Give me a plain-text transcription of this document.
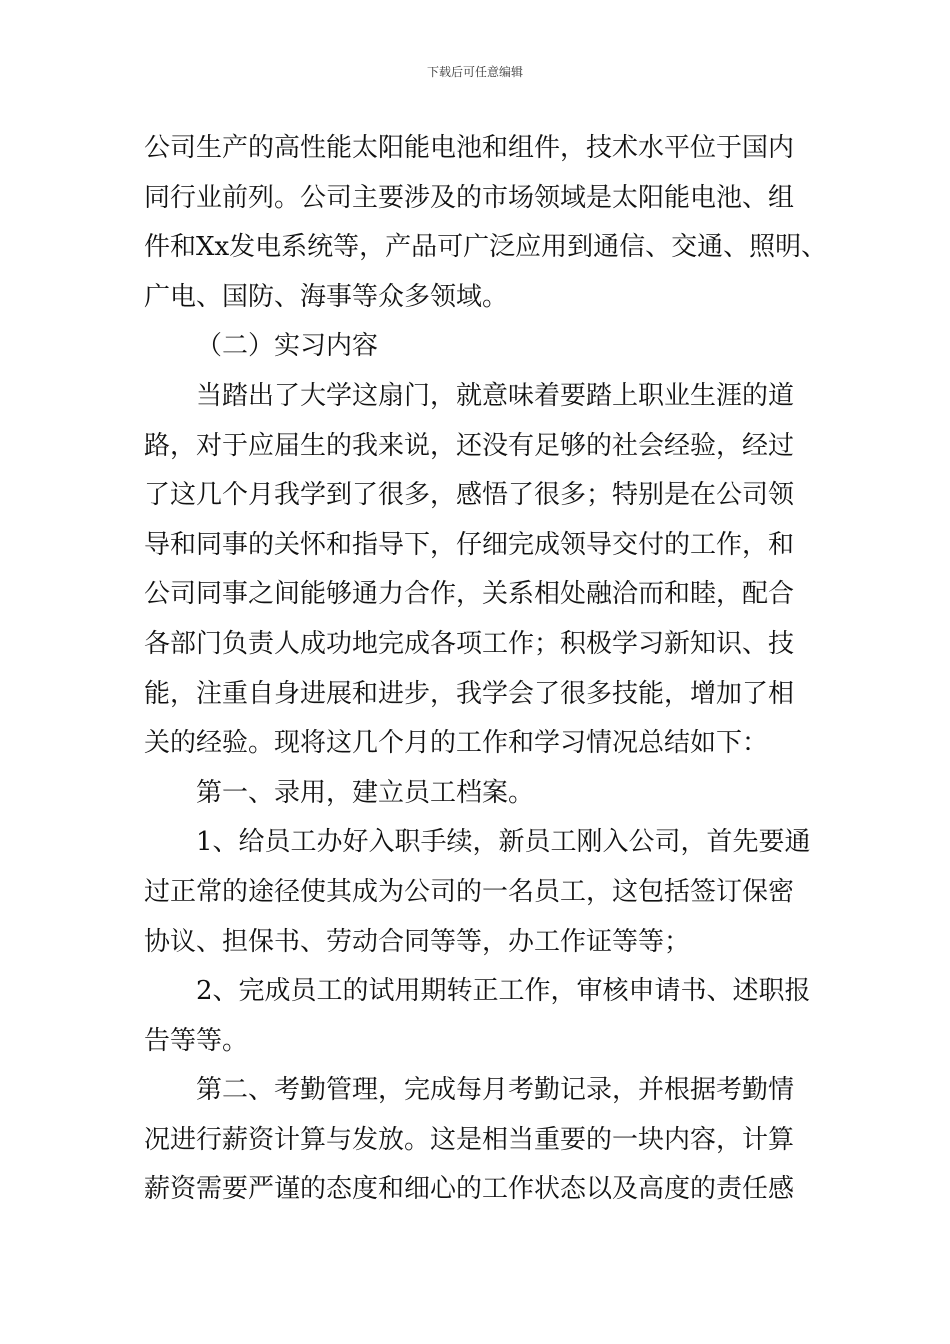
下载后可任意编辑
公司生产的高性能太阳能电池和组件，技术水平位于国内
同行业前列。公司主要涉及的市场领域是太阳能电池、组
件和Xx发电系统等，产品可广泛应用到通信、交通、照明、
广电、国防、海事等众多领域。
（二）实习内容
当踏出了大学这扇门，就意味着要踏上职业生涯的道
路，对于应届生的我来说，还没有足够的社会经验，经过
了这几个月我学到了很多，感悟了很多；特别是在公司领
导和同事的关怀和指导下，仔细完成领导交付的工作，和
公司同事之间能够通力合作，关系相处融洽而和睦，配合
各部门负责人成功地完成各项工作；积极学习新知识、技
能，注重自身进展和进步，我学会了很多技能，增加了相
关的经验。现将这几个月的工作和学习情况总结如下：
第一、录用，建立员工档案。
1、给员工办好入职手续，新员工刚入公司，首先要通
过正常的途径使其成为公司的一名员工，这包括签订保密
协议、担保书、劳动合同等等，办工作证等等；
2、完成员工的试用期转正工作，审核申请书、述职报
告等等。
第二、考勤管理，完成每月考勤记录，并根据考勤情
况进行薪资计算与发放。这是相当重要的一块内容，计算
薪资需要严谨的态度和细心的工作状态以及高度的责任感
